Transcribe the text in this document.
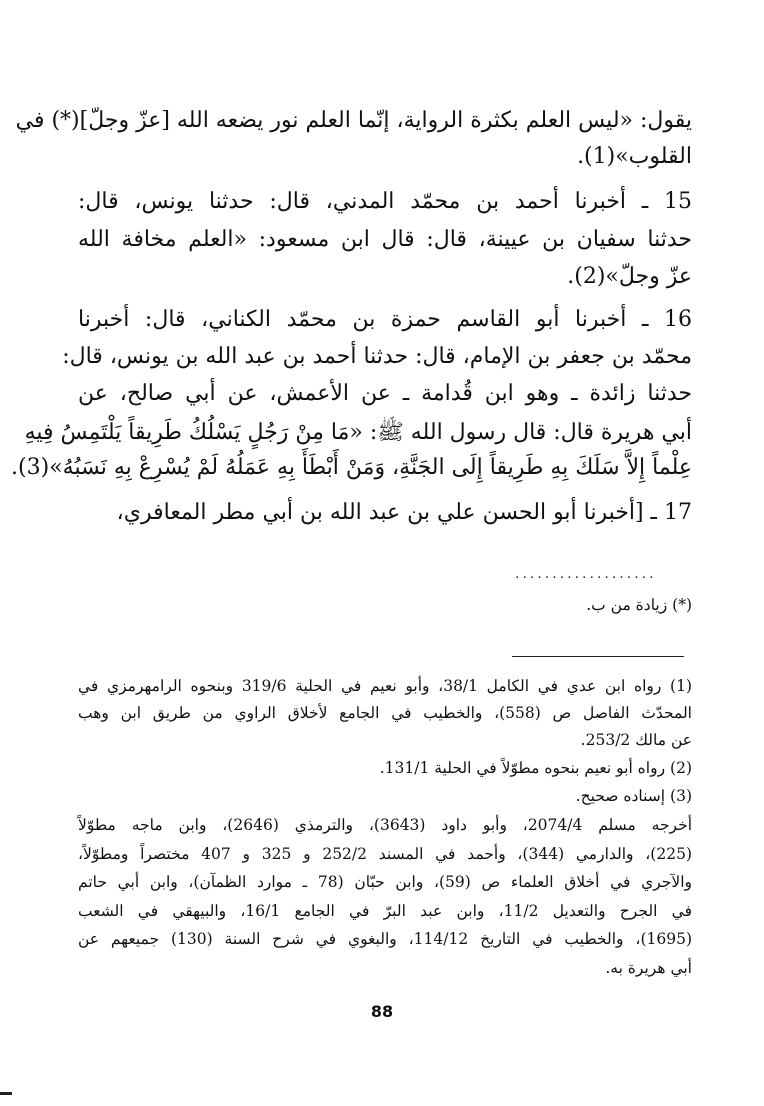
يقول: «ليس العلم بكثرة الرواية، إنّما العلم نور يضعه الله [عزّ وجلّ](*) في
القلوب»(1).
15 ـ أخبرنا أحمد بن محمّد المدني، قال: حدثنا يونس، قال:
حدثنا سفيان بن عيينة، قال: قال ابن مسعود: «العلم مخافة الله
عزّ وجلّ»(2).
16 ـ أخبرنا أبو القاسم حمزة بن محمّد الكناني، قال: أخبرنا
محمّد بن جعفر بن الإمام، قال: حدثنا أحمد بن عبد الله بن يونس، قال:
حدثنا زائدة ـ وهو ابن قُدامة ـ عن الأعمش، عن أبي صالح، عن
أبي هريرة قال: قال رسول الله ﷺ: «مَا مِنْ رَجُلٍ يَسْلُكُ طَرِيقاً يَلْتَمِسُ فِيهِ
عِلْماً إِلاَّ سَلَكَ بِهِ طَرِيقاً إِلَى الجَنَّةِ، وَمَنْ أَبْطَأَ بِهِ عَمَلُهُ لَمْ يُسْرِعْ بِهِ نَسَبُهُ»(3).
17 ـ [أخبرنا أبو الحسن علي بن عبد الله بن أبي مطر المعافري،
...................
(*) زيادة من ب.
(1) رواه ابن عدي في الكامل 38/1، وأبو نعيم في الحلية 319/6 وبنحوه الرامهرمزي في
المحدّث الفاصل ص (558)، والخطيب في الجامع لأخلاق الراوي من طريق ابن وهب
عن مالك 253/2.
(2) رواه أبو نعيم بنحوه مطوّلاً في الحلية 131/1.
(3) إسناده صحيح.
أخرجه مسلم 2074/4، وأبو داود (3643)، والترمذي (2646)، وابن ماجه مطوّلاً
(225)، والدارمي (344)، وأحمد في المسند 252/2 و 325 و 407 مختصراً ومطوّلاً،
والآجري في أخلاق العلماء ص (59)، وابن حبّان (78 ـ موارد الظمآن)، وابن أبي حاتم
في الجرح والتعديل 11/2، وابن عبد البرّ في الجامع 16/1، والبيهقي في الشعب
(1695)، والخطيب في التاريخ 114/12، والبغوي في شرح السنة (130) جميعهم عن
أبي هريرة به.
88
